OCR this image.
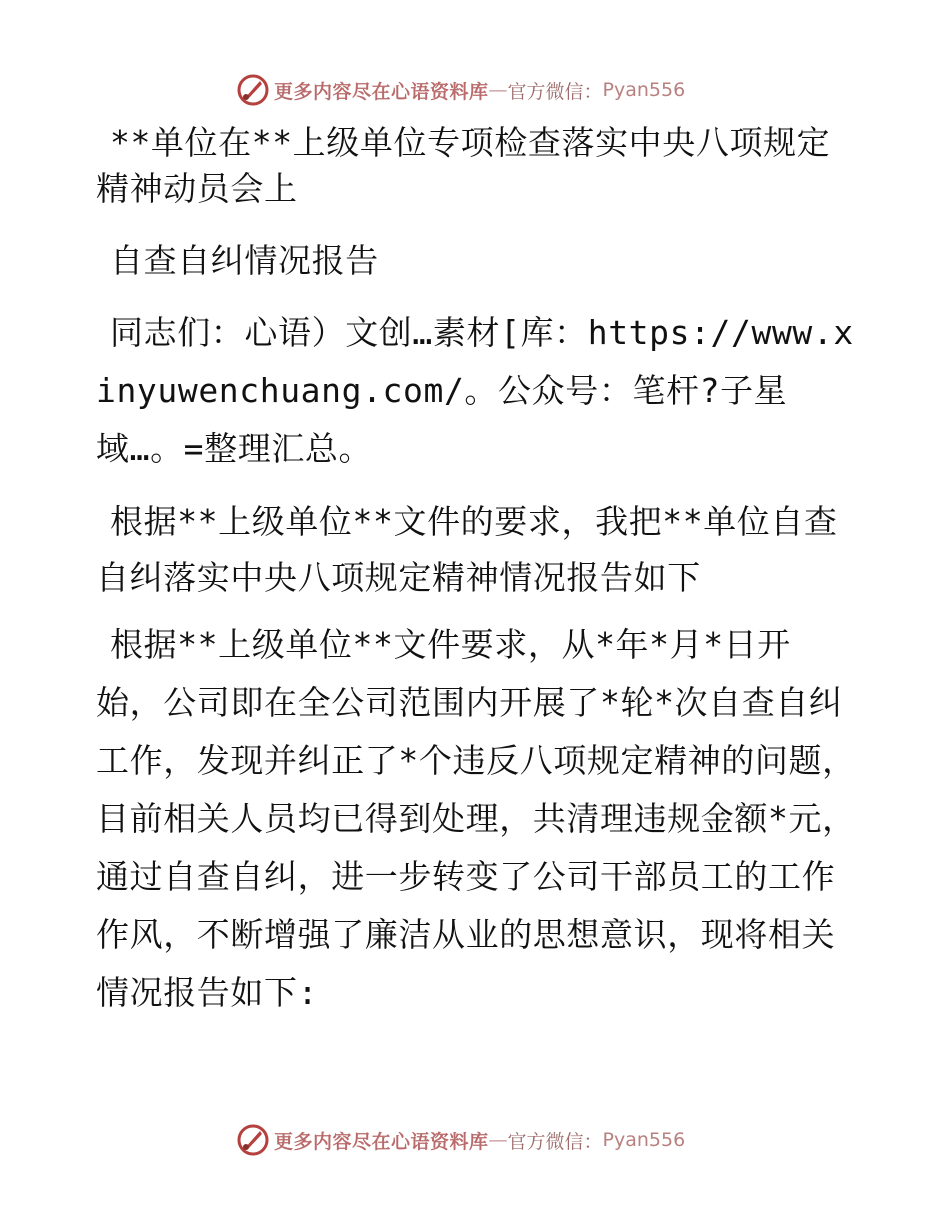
更多内容尽在心语资料库 — 官方微信： Pyan556

**单位在**上级单位专项检查落实中央八项规定精神动员会上

自查自纠情况报告

同志们：心语）文创…素材[库：https://www.xinyuwenchuang.com/。公众号：笔杆?子星域…。=整理汇总。

根据**上级单位**文件的要求，我把**单位自查自纠落实中央八项规定精神情况报告如下

根据**上级单位**文件要求，从*年*月*日开始，公司即在全公司范围内开展了*轮*次自查自纠工作，发现并纠正了*个违反八项规定精神的问题，目前相关人员均已得到处理，共清理违规金额*元，通过自查自纠，进一步转变了公司干部员工的工作作风，不断增强了廉洁从业的思想意识，现将相关情况报告如下:

更多内容尽在心语资料库 — 官方微信： Pyan556
